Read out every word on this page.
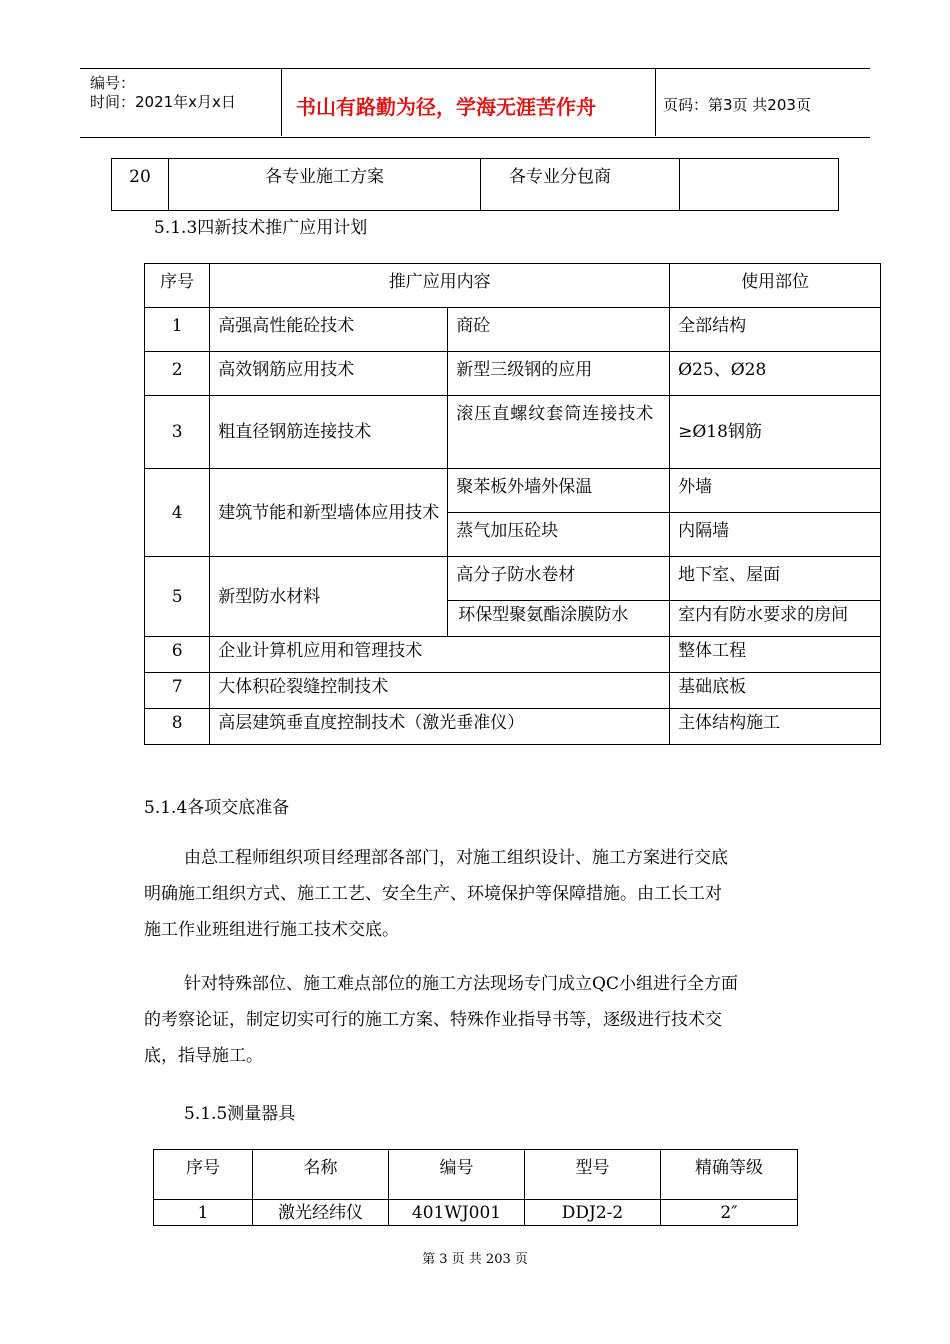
编号：
时间：2021年x月x日	书山有路勤为径，学海无涯苦作舟	页码：第3页 共203页
20	各专业施工方案	各专业分包商	
5.1.3四新技术推广应用计划
序号	推广应用内容		使用部位
1	高强高性能砼技术	商砼	全部结构
2	高效钢筋应用技术	新型三级钢的应用	Ø25、Ø28
3	粗直径钢筋连接技术	滚压直螺纹套筒连接技术	≥Ø18钢筋
4	建筑节能和新型墙体应用技术	聚苯板外墙外保温	外墙
		蒸气加压砼块	内隔墙
5	新型防水材料	高分子防水卷材	地下室、屋面
		环保型聚氨酯涂膜防水	室内有防水要求的房间
6	企业计算机应用和管理技术		整体工程
7	大体积砼裂缝控制技术		基础底板
8	高层建筑垂直度控制技术（激光垂准仪）		主体结构施工
5.1.4各项交底准备

由总工程师组织项目经理部各部门，对施工组织设计、施工方案进行交底
明确施工组织方式、施工工艺、安全生产、环境保护等保障措施。由工长工对
施工作业班组进行施工技术交底。

针对特殊部位、施工难点部位的施工方法现场专门成立QC小组进行全方面
的考察论证，制定切实可行的施工方案、特殊作业指导书等，逐级进行技术交
底，指导施工。

5.1.5测量器具
序号	名称	编号	型号	精确等级
1	激光经纬仪	401WJ001	DDJ2-2	2″
第 3 页 共 203 页
